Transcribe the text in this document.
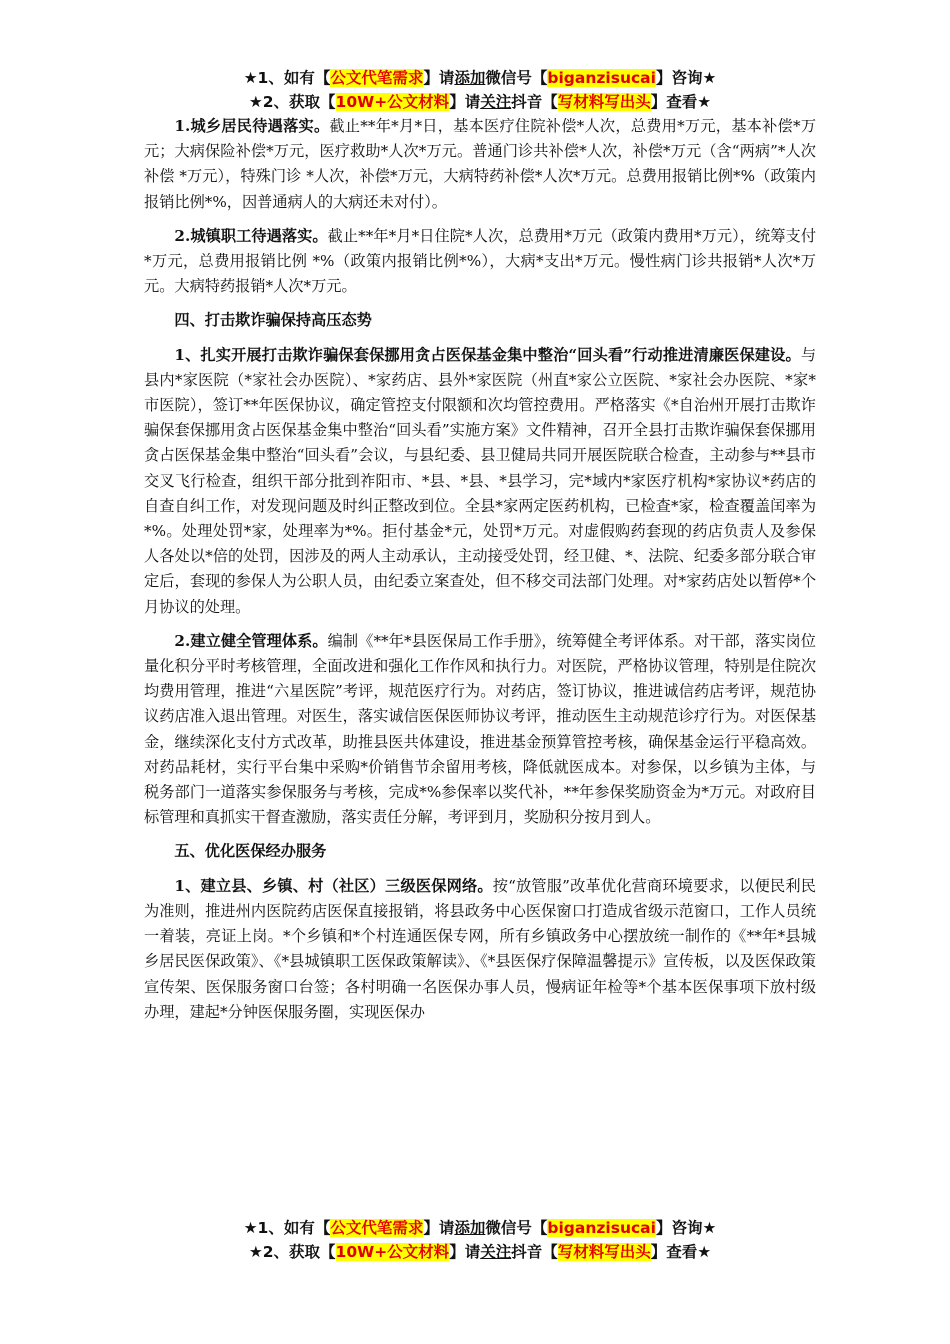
★1、如有【公文代笔需求】请添加微信号【biganzisucai】咨询★
★2、获取【10W+公文材料】请关注抖音【写材料写出头】查看★

1.城乡居民待遇落实。截止**年*月*日，基本医疗住院补偿*人次，总费用*万元，基本补偿*万元；大病保险补偿*万元，医疗救助*人次*万元。普通门诊共补偿*人次，补偿*万元（含“两病”*人次补偿 *万元），特殊门诊 *人次，补偿*万元，大病特药补偿*人次*万元。总费用报销比例*%（政策内报销比例*%，因普通病人的大病还未对付）。

2.城镇职工待遇落实。截止**年*月*日住院*人次，总费用*万元（政策内费用*万元），统筹支付*万元，总费用报销比例 *%（政策内报销比例*%），大病*支出*万元。慢性病门诊共报销*人次*万元。大病特药报销*人次*万元。

四、打击欺诈骗保持高压态势

1、扎实开展打击欺诈骗保套保挪用贪占医保基金集中整治“回头看”行动推进清廉医保建设。与县内*家医院（*家社会办医院）、*家药店、县外*家医院（州直*家公立医院、*家社会办医院、*家*市医院），签订**年医保协议，确定管控支付限额和次均管控费用。严格落实《*自治州开展打击欺诈骗保套保挪用贪占医保基金集中整治“回头看”实施方案》文件精神，召开全县打击欺诈骗保套保挪用贪占医保基金集中整治“回头看”会议，与县纪委、县卫健局共同开展医院联合检查，主动参与**县市交叉飞行检查，组织干部分批到祚阳市、*县、*县、*县学习，完*域内*家医疗机构*家协议*药店的自查自纠工作，对发现问题及时纠正整改到位。全县*家两定医药机构，已检查*家，检查覆盖闰率为 *%。处理处罚*家，处理率为*%。拒付基金*元，处罚*万元。对虚假购药套现的药店负责人及参保人各处以*倍的处罚，因涉及的两人主动承认，主动接受处罚，经卫健、*、法院、纪委多部分联合审定后，套现的参保人为公职人员，由纪委立案查处，但不移交司法部门处理。对*家药店处以暂停*个月协议的处理。

2.建立健全管理体系。编制《**年*县医保局工作手册》，统筹健全考评体系。对干部，落实岗位量化积分平时考核管理，全面改进和强化工作作风和执行力。对医院，严格协议管理，特别是住院次均费用管理，推进“六星医院”考评，规范医疗行为。对药店，签订协议，推进诚信药店考评，规范协议药店准入退出管理。对医生，落实诚信医保医师协议考评，推动医生主动规范诊疗行为。对医保基金，继续深化支付方式改革，助推县医共体建设，推进基金预算管控考核，确保基金运行平稳高效。对药品耗材，实行平台集中采购*价销售节余留用考核，降低就医成本。对参保，以乡镇为主体，与税务部门一道落实参保服务与考核，完成*%参保率以奖代补，**年参保奖励资金为*万元。对政府目标管理和真抓实干督查激励，落实责任分解，考评到月，奖励积分按月到人。

五、优化医保经办服务

1、建立县、乡镇、村（社区）三级医保网络。按“放管服”改革优化营商环境要求，以便民利民为准则，推进州内医院药店医保直接报销，将县政务中心医保窗口打造成省级示范窗口，工作人员统一着装，亮证上岗。*个乡镇和*个村连通医保专网，所有乡镇政务中心摆放统一制作的《**年*县城乡居民医保政策》、《*县城镇职工医保政策解读》、《*县医保疗保障温馨提示》宣传板，以及医保政策宣传架、医保服务窗口台签；各村明确一名医保办事人员，慢病证年检等*个基本医保事项下放村级办理，建起*分钟医保服务圈，实现医保办

★1、如有【公文代笔需求】请添加微信号【biganzisucai】咨询★
★2、获取【10W+公文材料】请关注抖音【写材料写出头】查看★
